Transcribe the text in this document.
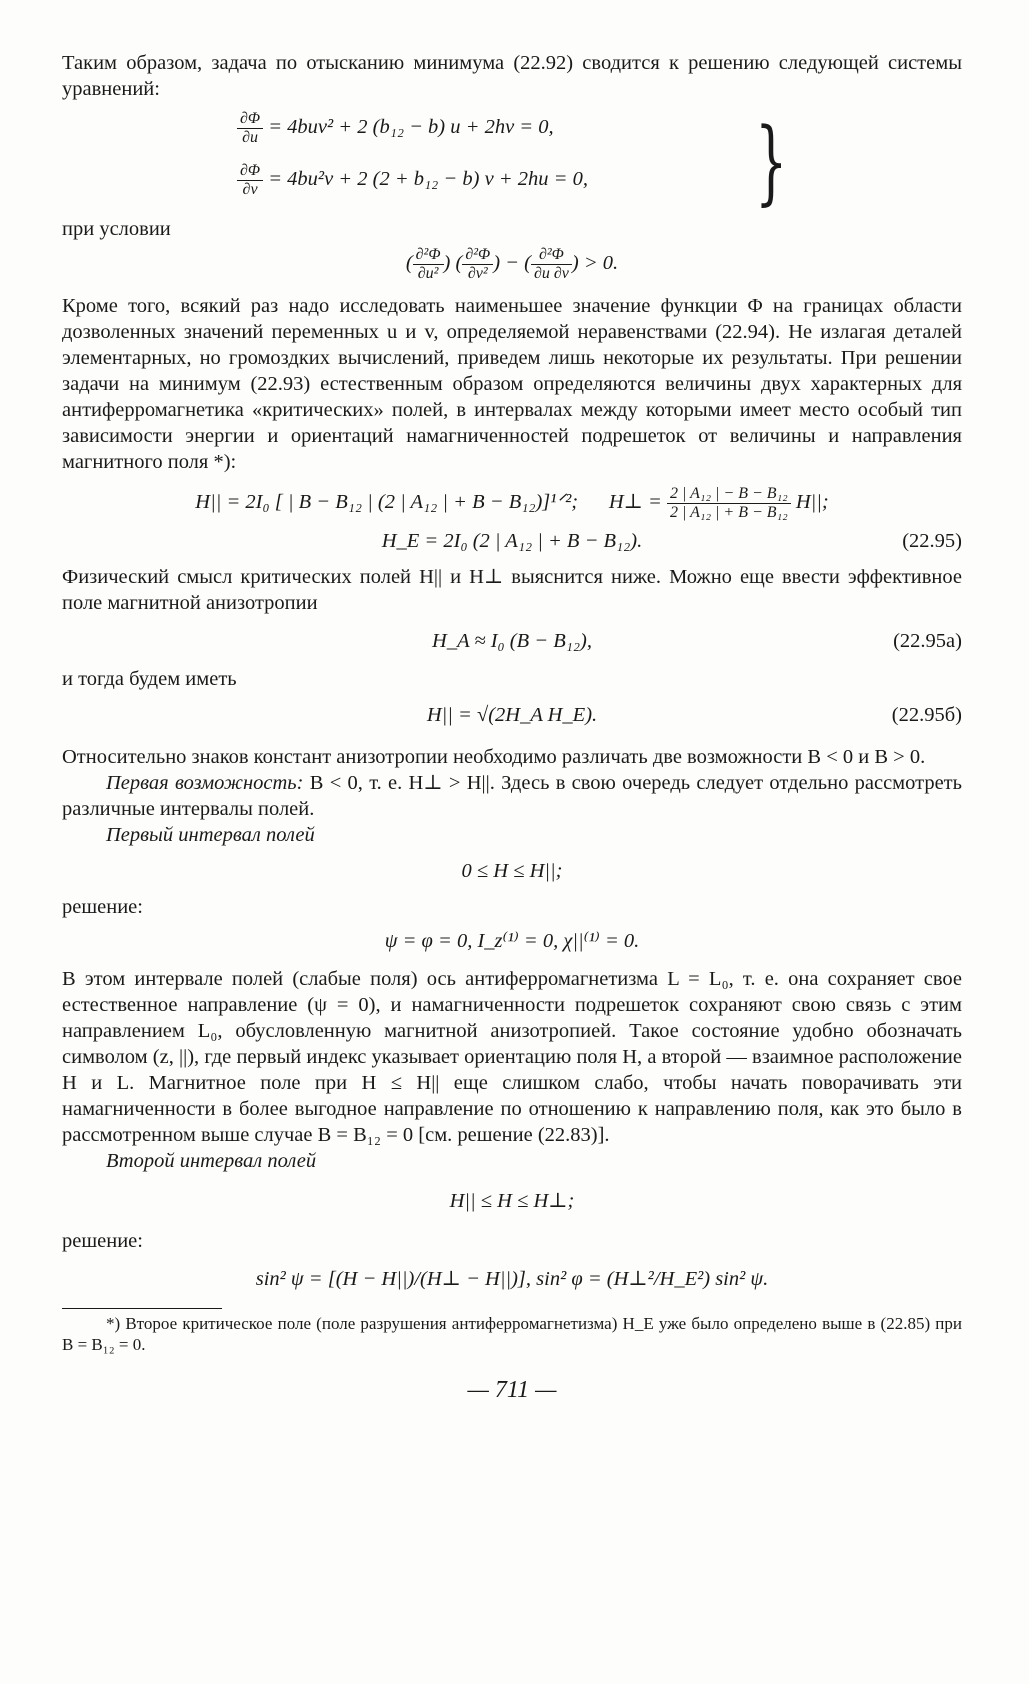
Таким образом, задача по отысканию минимума (22.92) сводится к решению следующей системы уравнений:

$\frac{\partial\Phi}{\partial u} = 4buv^2 + 2$ (b₁₂ − b) u + 2hv = 0,
$\frac{\partial\Phi}{\partial v} = 4bu^2v + 2$ (2 + b₁₂ − b) v + 2hu = 0, }

при условии

( $\frac{\text{∂²Φ}}{\text{∂u²}}$ ) ( $\frac{\text{∂²Φ}}{\text{∂v²}}$ ) − ( $\frac{\text{∂²Φ}}{\partial u \partial v}$ ) > 0.

Кроме того, всякий раз надо исследовать наименьшее значение функции Φ на границах области дозволенных значений переменных u и v, определяемой неравенствами (22.94). Не излагая деталей элементарных, но громоздких вычислений, приведем лишь некоторые их результаты. При решении задачи на минимум (22.93) естественным образом определяются величины двух характерных для антиферромагнетика «критических» полей, в интервалах между которыми имеет место особый тип зависимости энергии и ориентаций намагниченностей подрешеток от величины и направления магнитного поля *):

H|| = 2I₀ [ | B − B₁₂ | (2 | A₁₂ | + B − B₁₂)]¹ᐟ²; H⊥ = $\frac{\text{2 | A₁₂ | − B − B₁₂}}{\text{2 | A₁₂ | + B − B₁₂}} H||$;
H_E = 2I₀ (2 | A₁₂ | + B − B₁₂).	(22.95)

Физический смысл критических полей H|| и H⊥ выяснится ниже. Можно еще ввести эффективное поле магнитной анизотропии

H_A ≈ I₀ (B − B₁₂),	(22.95а)

и тогда будем иметь

H|| = √(2H_A H_E).	(22.95б)

Относительно знаков констант анизотропии необходимо различать две возможности B < 0 и B > 0.

Первая возможность: B < 0, т. е. H⊥ > H||. Здесь в свою очередь следует отдельно рассмотреть различные интервалы полей.

Первый интервал полей

0 ≤ H ≤ H||;

решение:

ψ = φ = 0, I_z⁽¹⁾ = 0, χ||⁽¹⁾ = 0.

В этом интервале полей (слабые поля) ось антиферромагнетизма L = L₀, т. е. она сохраняет свое естественное направление (ψ = 0), и намагниченности подрешеток сохраняют свою связь с этим направлением L₀, обусловленную магнитной анизотропией. Такое состояние удобно обозначать символом (z, ||), где первый индекс указывает ориентацию поля H, а второй — взаимное расположение H и L. Магнитное поле при H ≤ H|| еще слишком слабо, чтобы начать поворачивать эти намагниченности в более выгодное направление по отношению к направлению поля, как это было в рассмотренном выше случае B = B₁₂ = 0 [см. решение (22.83)].

Второй интервал полей

H|| ≤ H ≤ H⊥;

решение:

sin² ψ = [(H − H||)/(H⊥ − H||)], sin² φ = (H⊥²/H_E²) sin² ψ.

*) Второе критическое поле (поле разрушения антиферромагнетизма) H_E уже было определено выше в (22.85) при B = B₁₂ = 0.

— 711 —
